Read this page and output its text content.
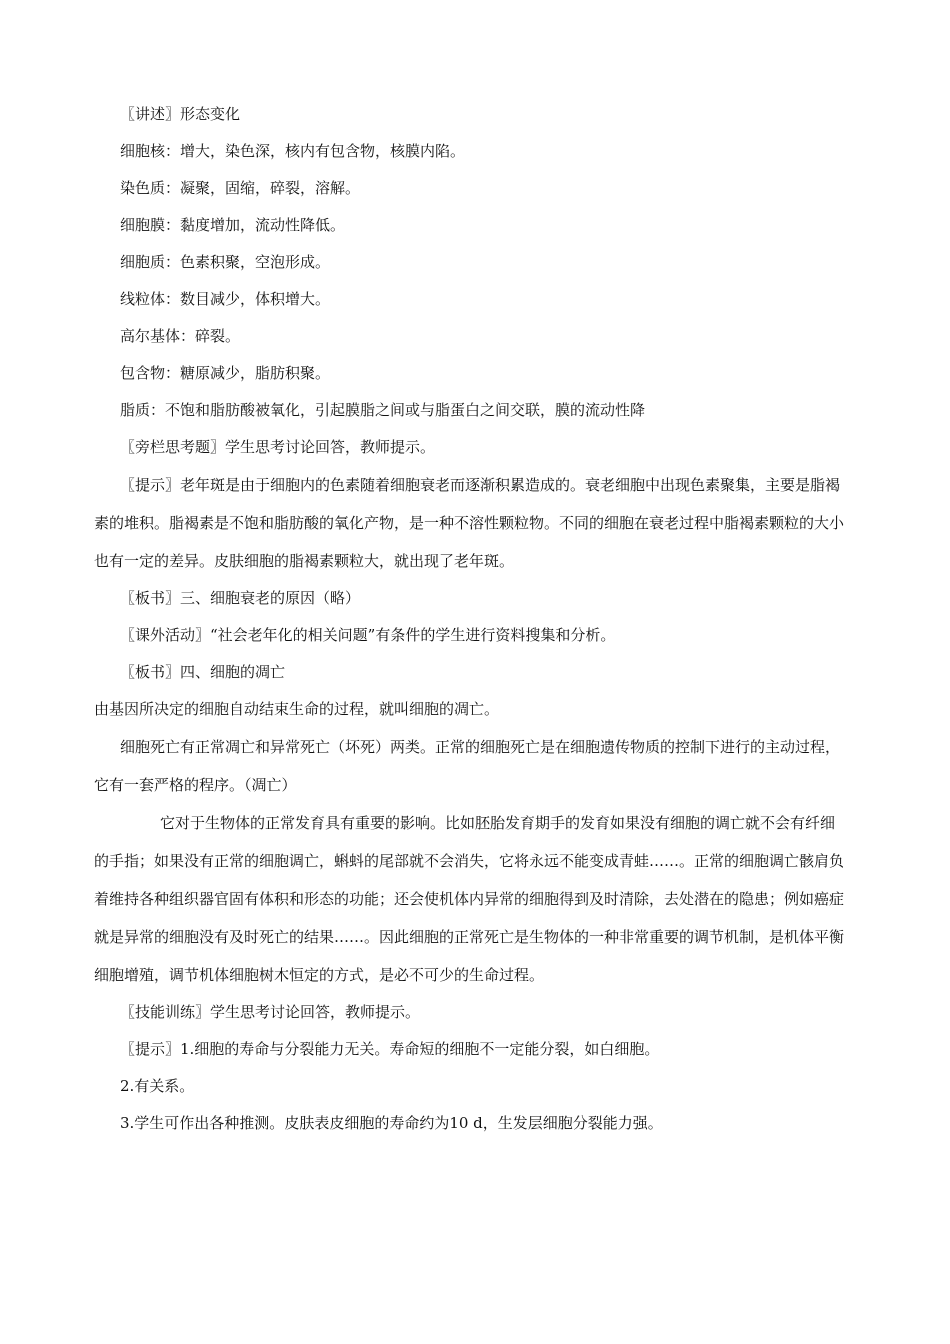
〖讲述〗形态变化

细胞核：增大，染色深，核内有包含物，核膜内陷。

染色质：凝聚，固缩，碎裂，溶解。

细胞膜：黏度增加，流动性降低。

细胞质：色素积聚，空泡形成。

线粒体：数目减少，体积增大。

高尔基体：碎裂。

包含物：糖原减少，脂肪积聚。

脂质：不饱和脂肪酸被氧化，引起膜脂之间或与脂蛋白之间交联，膜的流动性降

〖旁栏思考题〗学生思考讨论回答，教师提示。

〖提示〗老年斑是由于细胞内的色素随着细胞衰老而逐渐积累造成的。衰老细胞中出现色素聚集，主要是脂褐素的堆积。脂褐素是不饱和脂肪酸的氧化产物，是一种不溶性颗粒物。不同的细胞在衰老过程中脂褐素颗粒的大小也有一定的差异。皮肤细胞的脂褐素颗粒大，就出现了老年斑。

〖板书〗三、细胞衰老的原因（略）

〖课外活动〗“社会老年化的相关问题”有条件的学生进行资料搜集和分析。

〖板书〗四、细胞的凋亡

由基因所决定的细胞自动结束生命的过程，就叫细胞的凋亡。

细胞死亡有正常凋亡和异常死亡（坏死）两类。正常的细胞死亡是在细胞遗传物质的控制下进行的主动过程，它有一套严格的程序。（凋亡）

它对于生物体的正常发育具有重要的影响。比如胚胎发育期手的发育如果没有细胞的调亡就不会有纤细的手指；如果没有正常的细胞调亡，蝌蚪的尾部就不会消失，它将永远不能变成青蛙……。正常的细胞调亡骸肩负着维持各种组织器官固有体积和形态的功能；还会使机体内异常的细胞得到及时清除，去处潜在的隐患；例如癌症就是异常的细胞没有及时死亡的结果……。因此细胞的正常死亡是生物体的一种非常重要的调节机制，是机体平衡细胞增殖，调节机体细胞树木恒定的方式，是必不可少的生命过程。

〖技能训练〗学生思考讨论回答，教师提示。

〖提示〗1.细胞的寿命与分裂能力无关。寿命短的细胞不一定能分裂，如白细胞。

2.有关系。

3.学生可作出各种推测。皮肤表皮细胞的寿命约为10 d，生发层细胞分裂能力强。
